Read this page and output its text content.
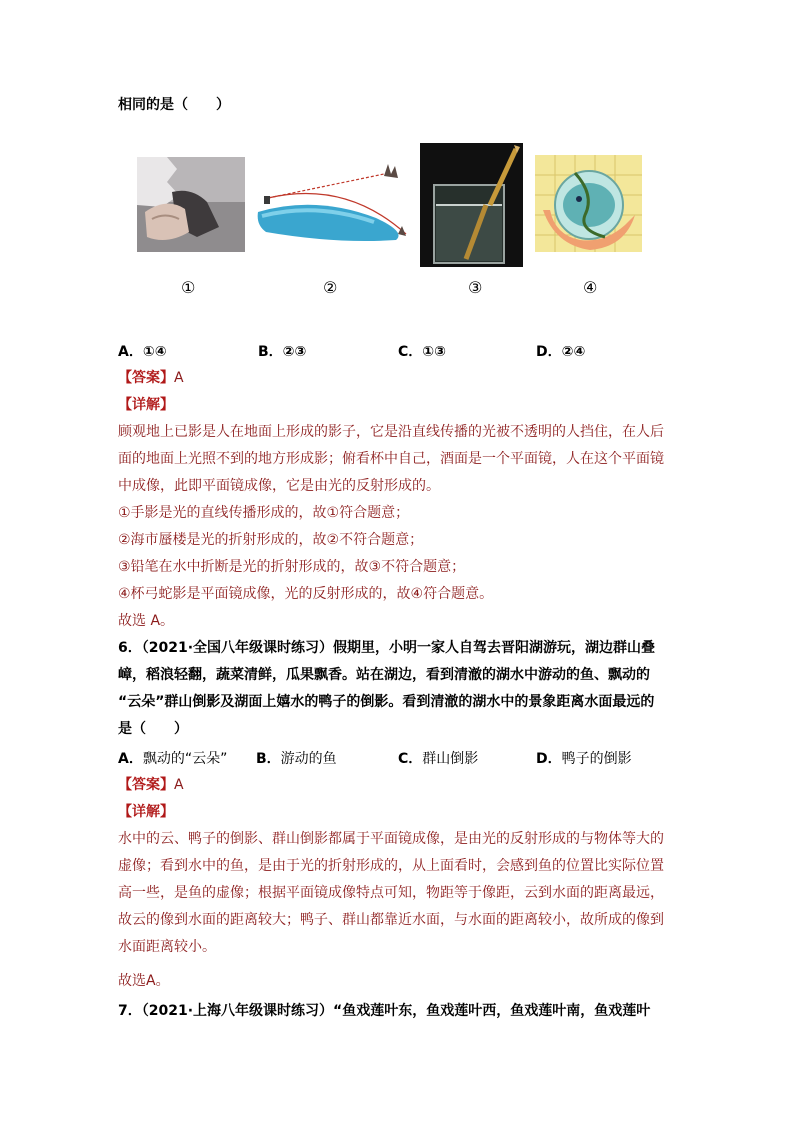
相同的是（　　）
①	②	③	④
A．①④	B．②③	C．①③	D．②④
【答案】A
【详解】
顾观地上已影是人在地面上形成的影子，它是沿直线传播的光被不透明的人挡住，在人后
面的地面上光照不到的地方形成影；俯看杯中自己，酒面是一个平面镜，人在这个平面镜
中成像，此即平面镜成像，它是由光的反射形成的。
①手影是光的直线传播形成的，故①符合题意；
②海市蜃楼是光的折射形成的，故②不符合题意；
③铅笔在水中折断是光的折射形成的，故③不符合题意；
④杯弓蛇影是平面镜成像，光的反射形成的，故④符合题意。
故选 A。
6．（2021·全国八年级课时练习）假期里，小明一家人自驾去晋阳湖游玩，湖边群山叠
嶂，稻浪轻翻，蔬菜清鲜，瓜果飘香。站在湖边，看到清澈的湖水中游动的鱼、飘动的
“云朵”群山倒影及湖面上嬉水的鸭子的倒影。看到清澈的湖水中的景象距离水面最远的
是（　　）
A．飘动的“云朵” B．游动的鱼	C．群山倒影	D．鸭子的倒影
【答案】A
【详解】
水中的云、鸭子的倒影、群山倒影都属于平面镜成像，是由光的反射形成的与物体等大的
虚像；看到水中的鱼，是由于光的折射形成的，从上面看时，会感到鱼的位置比实际位置
高一些，是鱼的虚像；根据平面镜成像特点可知，物距等于像距，云到水面的距离最远，
故云的像到水面的距离较大；鸭子、群山都靠近水面，与水面的距离较小，故所成的像到
水面距离较小。
故选A。
7．（2021·上海八年级课时练习）“鱼戏莲叶东，鱼戏莲叶西，鱼戏莲叶南，鱼戏莲叶
